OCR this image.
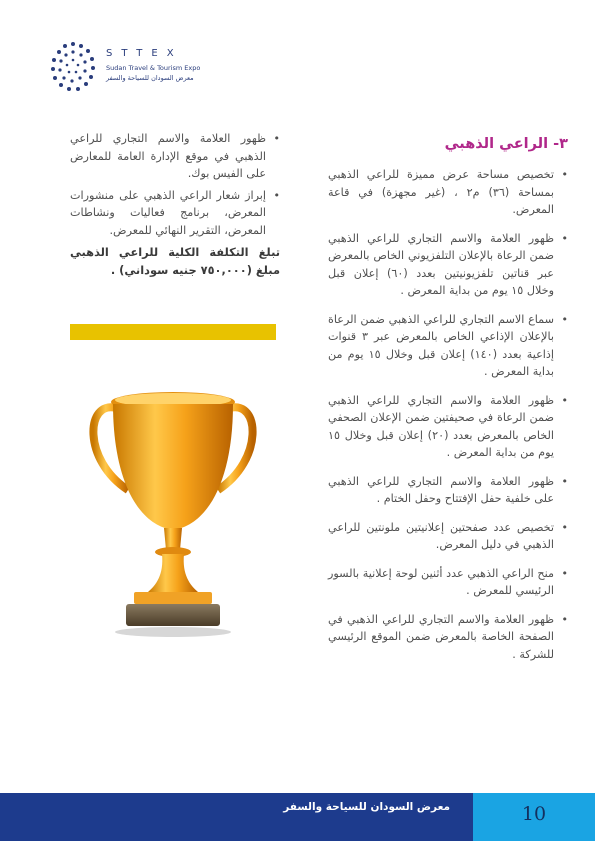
STTEX
Sudan Travel & Tourism Expo
معرض السودان للسياحة والسفر
٣- الراعي الذهبي
• تخصيص مساحة عرض مميزة للراعي الذهبي بمساحة (٣٦) م٢ ، (غير مجهزة) في قاعة المعرض.
• ظهور العلامة والاسم التجاري للراعي الذهبي ضمن الرعاة بالإعلان التلفزيوني الخاص بالمعرض عبر قناتين تلفزيونيتين بعدد (٦٠) إعلان قبل وخلال ١٥ يوم من بداية المعرض .
• سماع الاسم التجاري للراعي الذهبي ضمن الرعاة بالإعلان الإذاعي الخاص بالمعرض عبر ٣ قنوات إذاعية بعدد (١٤٠) إعلان قبل وخلال ١٥ يوم من بداية المعرض .
• ظهور العلامة والاسم التجاري للراعي الذهبي ضمن الرعاة في صحيفتين ضمن الإعلان الصحفي الخاص بالمعرض بعدد (٢٠) إعلان قبل وخلال ١٥ يوم من بداية المعرض .
• ظهور العلامة والاسم التجاري للراعي الذهبي على خلفية حفل الإفتتاح وحفل الختام .
• تخصيص عدد صفحتين إعلانيتين ملونتين للراعي الذهبي في دليل المعرض.
• منح الراعي الذهبي عدد أثنين لوحة إعلانية بالسور الرئيسي للمعرض .
• ظهور العلامة والاسم التجاري للراعي الذهبي في الصفحة الخاصة بالمعرض ضمن الموقع الرئيسي للشركة .
• ظهور العلامة والاسم التجاري للراعي الذهبي في موقع الإدارة العامة للمعارض على الفيس بوك.
• إبراز شعار الراعي الذهبي على منشورات المعرض، برنامج فعاليات ونشاطات المعرض، التقرير النهائي للمعرض.
تبلغ التكلفة الكلية للراعي الذهبي مبلغ (٧٥٠,٠٠٠ جنيه سوداني) .
معرض السودان للسياحة والسفر	10
